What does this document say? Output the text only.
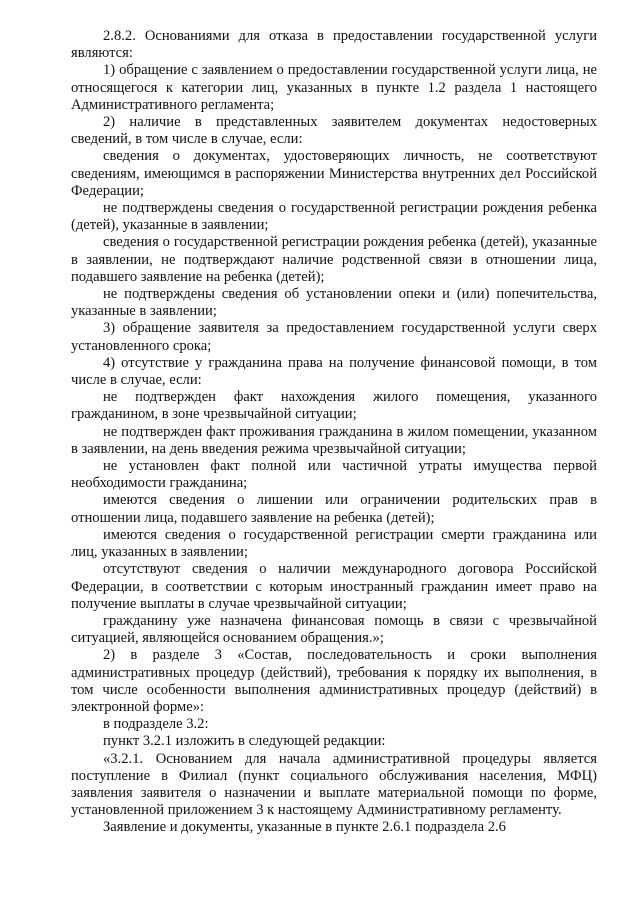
2.8.2. Основаниями для отказа в предоставлении государственной услуги являются:

1) обращение с заявлением о предоставлении государственной услуги лица, не относящегося к категории лиц, указанных в пункте 1.2 раздела 1 настоящего Административного регламента;

2) наличие в представленных заявителем документах недостоверных сведений, в том числе в случае, если:

сведения о документах, удостоверяющих личность, не соответствуют сведениям, имеющимся в распоряжении Министерства внутренних дел Российской Федерации;

не подтверждены сведения о государственной регистрации рождения ребенка (детей), указанные в заявлении;

сведения о государственной регистрации рождения ребенка (детей), указанные в заявлении, не подтверждают наличие родственной связи в отношении лица, подавшего заявление на ребенка (детей);

не подтверждены сведения об установлении опеки и (или) попечительства, указанные в заявлении;

3) обращение заявителя за предоставлением государственной услуги сверх установленного срока;

4) отсутствие у гражданина права на получение финансовой помощи, в том числе в случае, если:

не подтвержден факт нахождения жилого помещения, указанного гражданином, в зоне чрезвычайной ситуации;

не подтвержден факт проживания гражданина в жилом помещении, указанном в заявлении, на день введения режима чрезвычайной ситуации;

не установлен факт полной или частичной утраты имущества первой необходимости гражданина;

имеются сведения о лишении или ограничении родительских прав в отношении лица, подавшего заявление на ребенка (детей);

имеются сведения о государственной регистрации смерти гражданина или лиц, указанных в заявлении;

отсутствуют сведения о наличии международного договора Российской Федерации, в соответствии с которым иностранный гражданин имеет право на получение выплаты в случае чрезвычайной ситуации;

гражданину уже назначена финансовая помощь в связи с чрезвычайной ситуацией, являющейся основанием обращения.»;

2) в разделе 3 «Состав, последовательность и сроки выполнения административных процедур (действий), требования к порядку их выполнения, в том числе особенности выполнения административных процедур (действий) в электронной форме»:

в подразделе 3.2:

пункт 3.2.1 изложить в следующей редакции:

«3.2.1. Основанием для начала административной процедуры является поступление в Филиал (пункт социального обслуживания населения, МФЦ) заявления заявителя о назначении и выплате материальной помощи по форме, установленной приложением 3 к настоящему Административному регламенту.

Заявление и документы, указанные в пункте 2.6.1 подраздела 2.6
